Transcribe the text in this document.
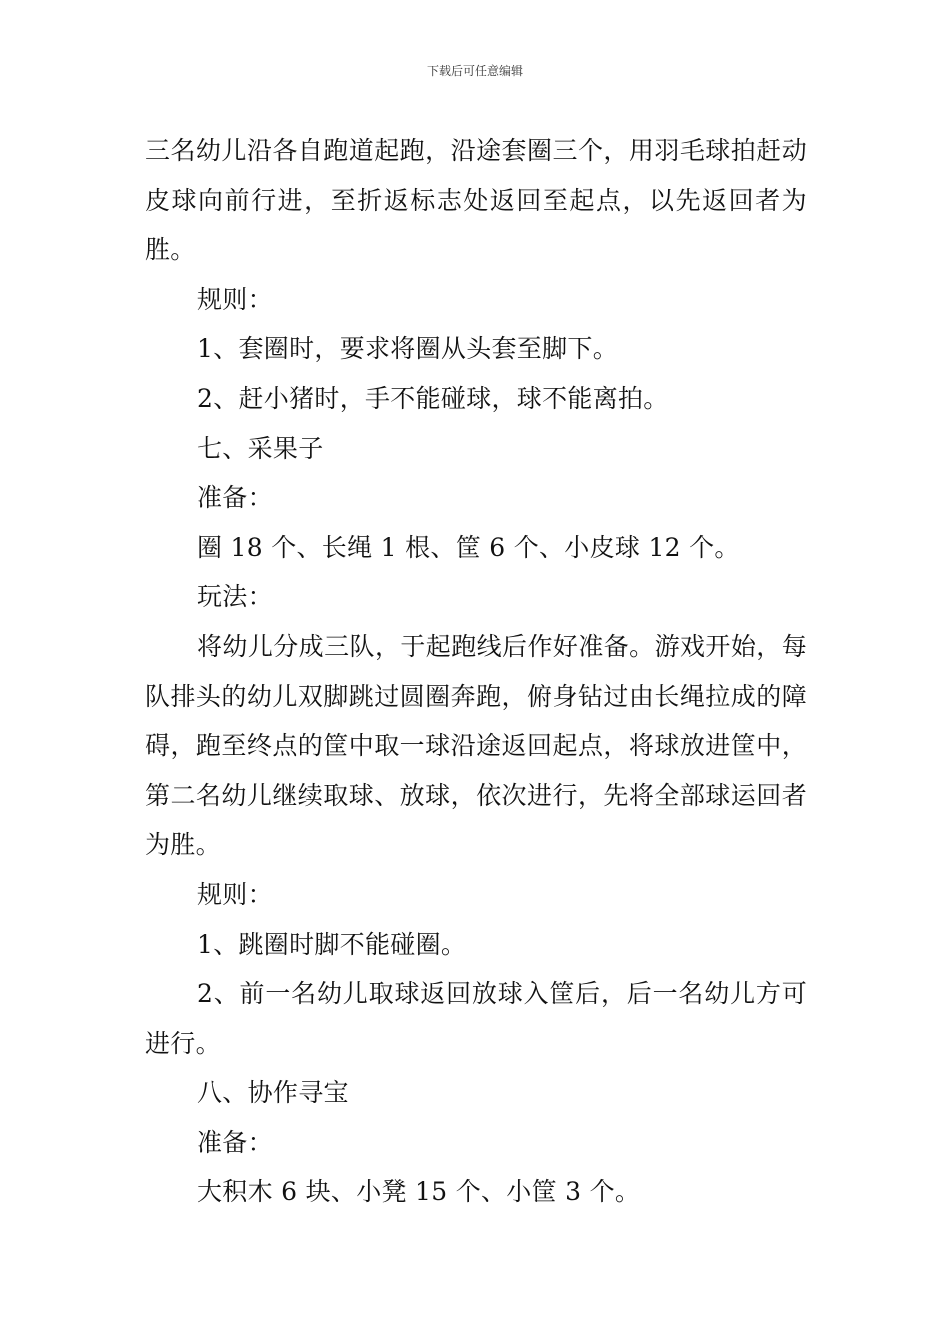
下载后可任意编辑

三名幼儿沿各自跑道起跑，沿途套圈三个，用羽毛球拍赶动皮球向前行进，至折返标志处返回至起点，以先返回者为胜。

规则：

1、套圈时，要求将圈从头套至脚下。

2、赶小猪时，手不能碰球，球不能离拍。

七、采果子

准备：

圈 18 个、长绳 1 根、筐 6 个、小皮球 12 个。

玩法：

将幼儿分成三队，于起跑线后作好准备。游戏开始，每队排头的幼儿双脚跳过圆圈奔跑，俯身钻过由长绳拉成的障碍，跑至终点的筐中取一球沿途返回起点，将球放进筐中，第二名幼儿继续取球、放球，依次进行，先将全部球运回者为胜。

规则：

1、跳圈时脚不能碰圈。

2、前一名幼儿取球返回放球入筐后，后一名幼儿方可进行。

八、协作寻宝

准备：

大积木 6 块、小凳 15 个、小筐 3 个。
